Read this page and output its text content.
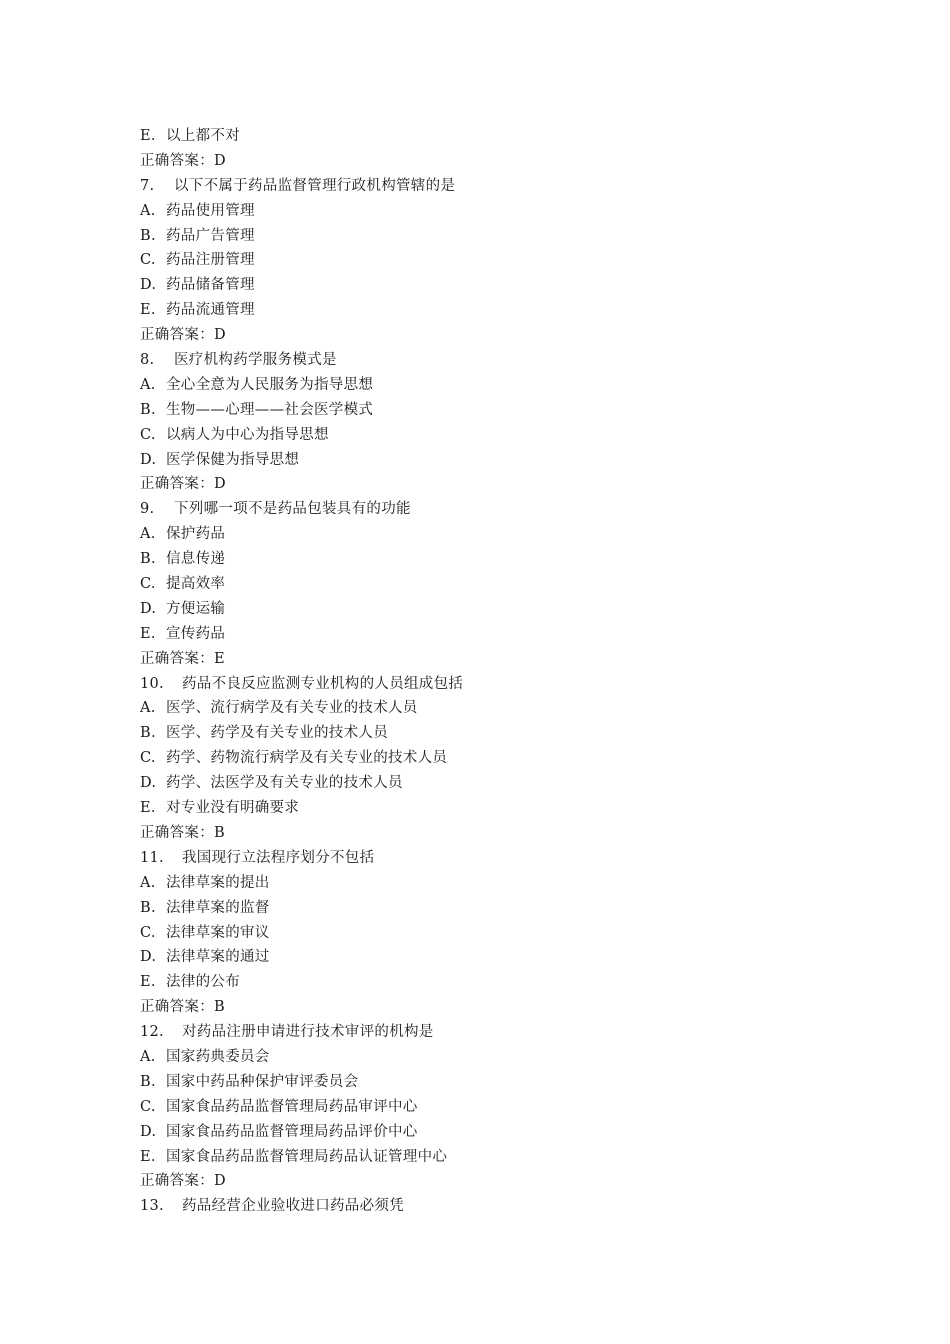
E. 以上都不对
正确答案：D
7. 以下不属于药品监督管理行政机构管辖的是
A. 药品使用管理
B. 药品广告管理
C. 药品注册管理
D. 药品储备管理
E. 药品流通管理
正确答案：D
8. 医疗机构药学服务模式是
A. 全心全意为人民服务为指导思想
B. 生物——心理——社会医学模式
C. 以病人为中心为指导思想
D. 医学保健为指导思想
正确答案：D
9. 下列哪一项不是药品包装具有的功能
A. 保护药品
B. 信息传递
C. 提高效率
D. 方便运输
E. 宣传药品
正确答案：E
10. 药品不良反应监测专业机构的人员组成包括
A. 医学、流行病学及有关专业的技术人员
B. 医学、药学及有关专业的技术人员
C. 药学、药物流行病学及有关专业的技术人员
D. 药学、法医学及有关专业的技术人员
E. 对专业没有明确要求
正确答案：B
11. 我国现行立法程序划分不包括
A. 法律草案的提出
B. 法律草案的监督
C. 法律草案的审议
D. 法律草案的通过
E. 法律的公布
正确答案：B
12. 对药品注册申请进行技术审评的机构是
A. 国家药典委员会
B. 国家中药品种保护审评委员会
C. 国家食品药品监督管理局药品审评中心
D. 国家食品药品监督管理局药品评价中心
E. 国家食品药品监督管理局药品认证管理中心
正确答案：D
13. 药品经营企业验收进口药品必须凭
